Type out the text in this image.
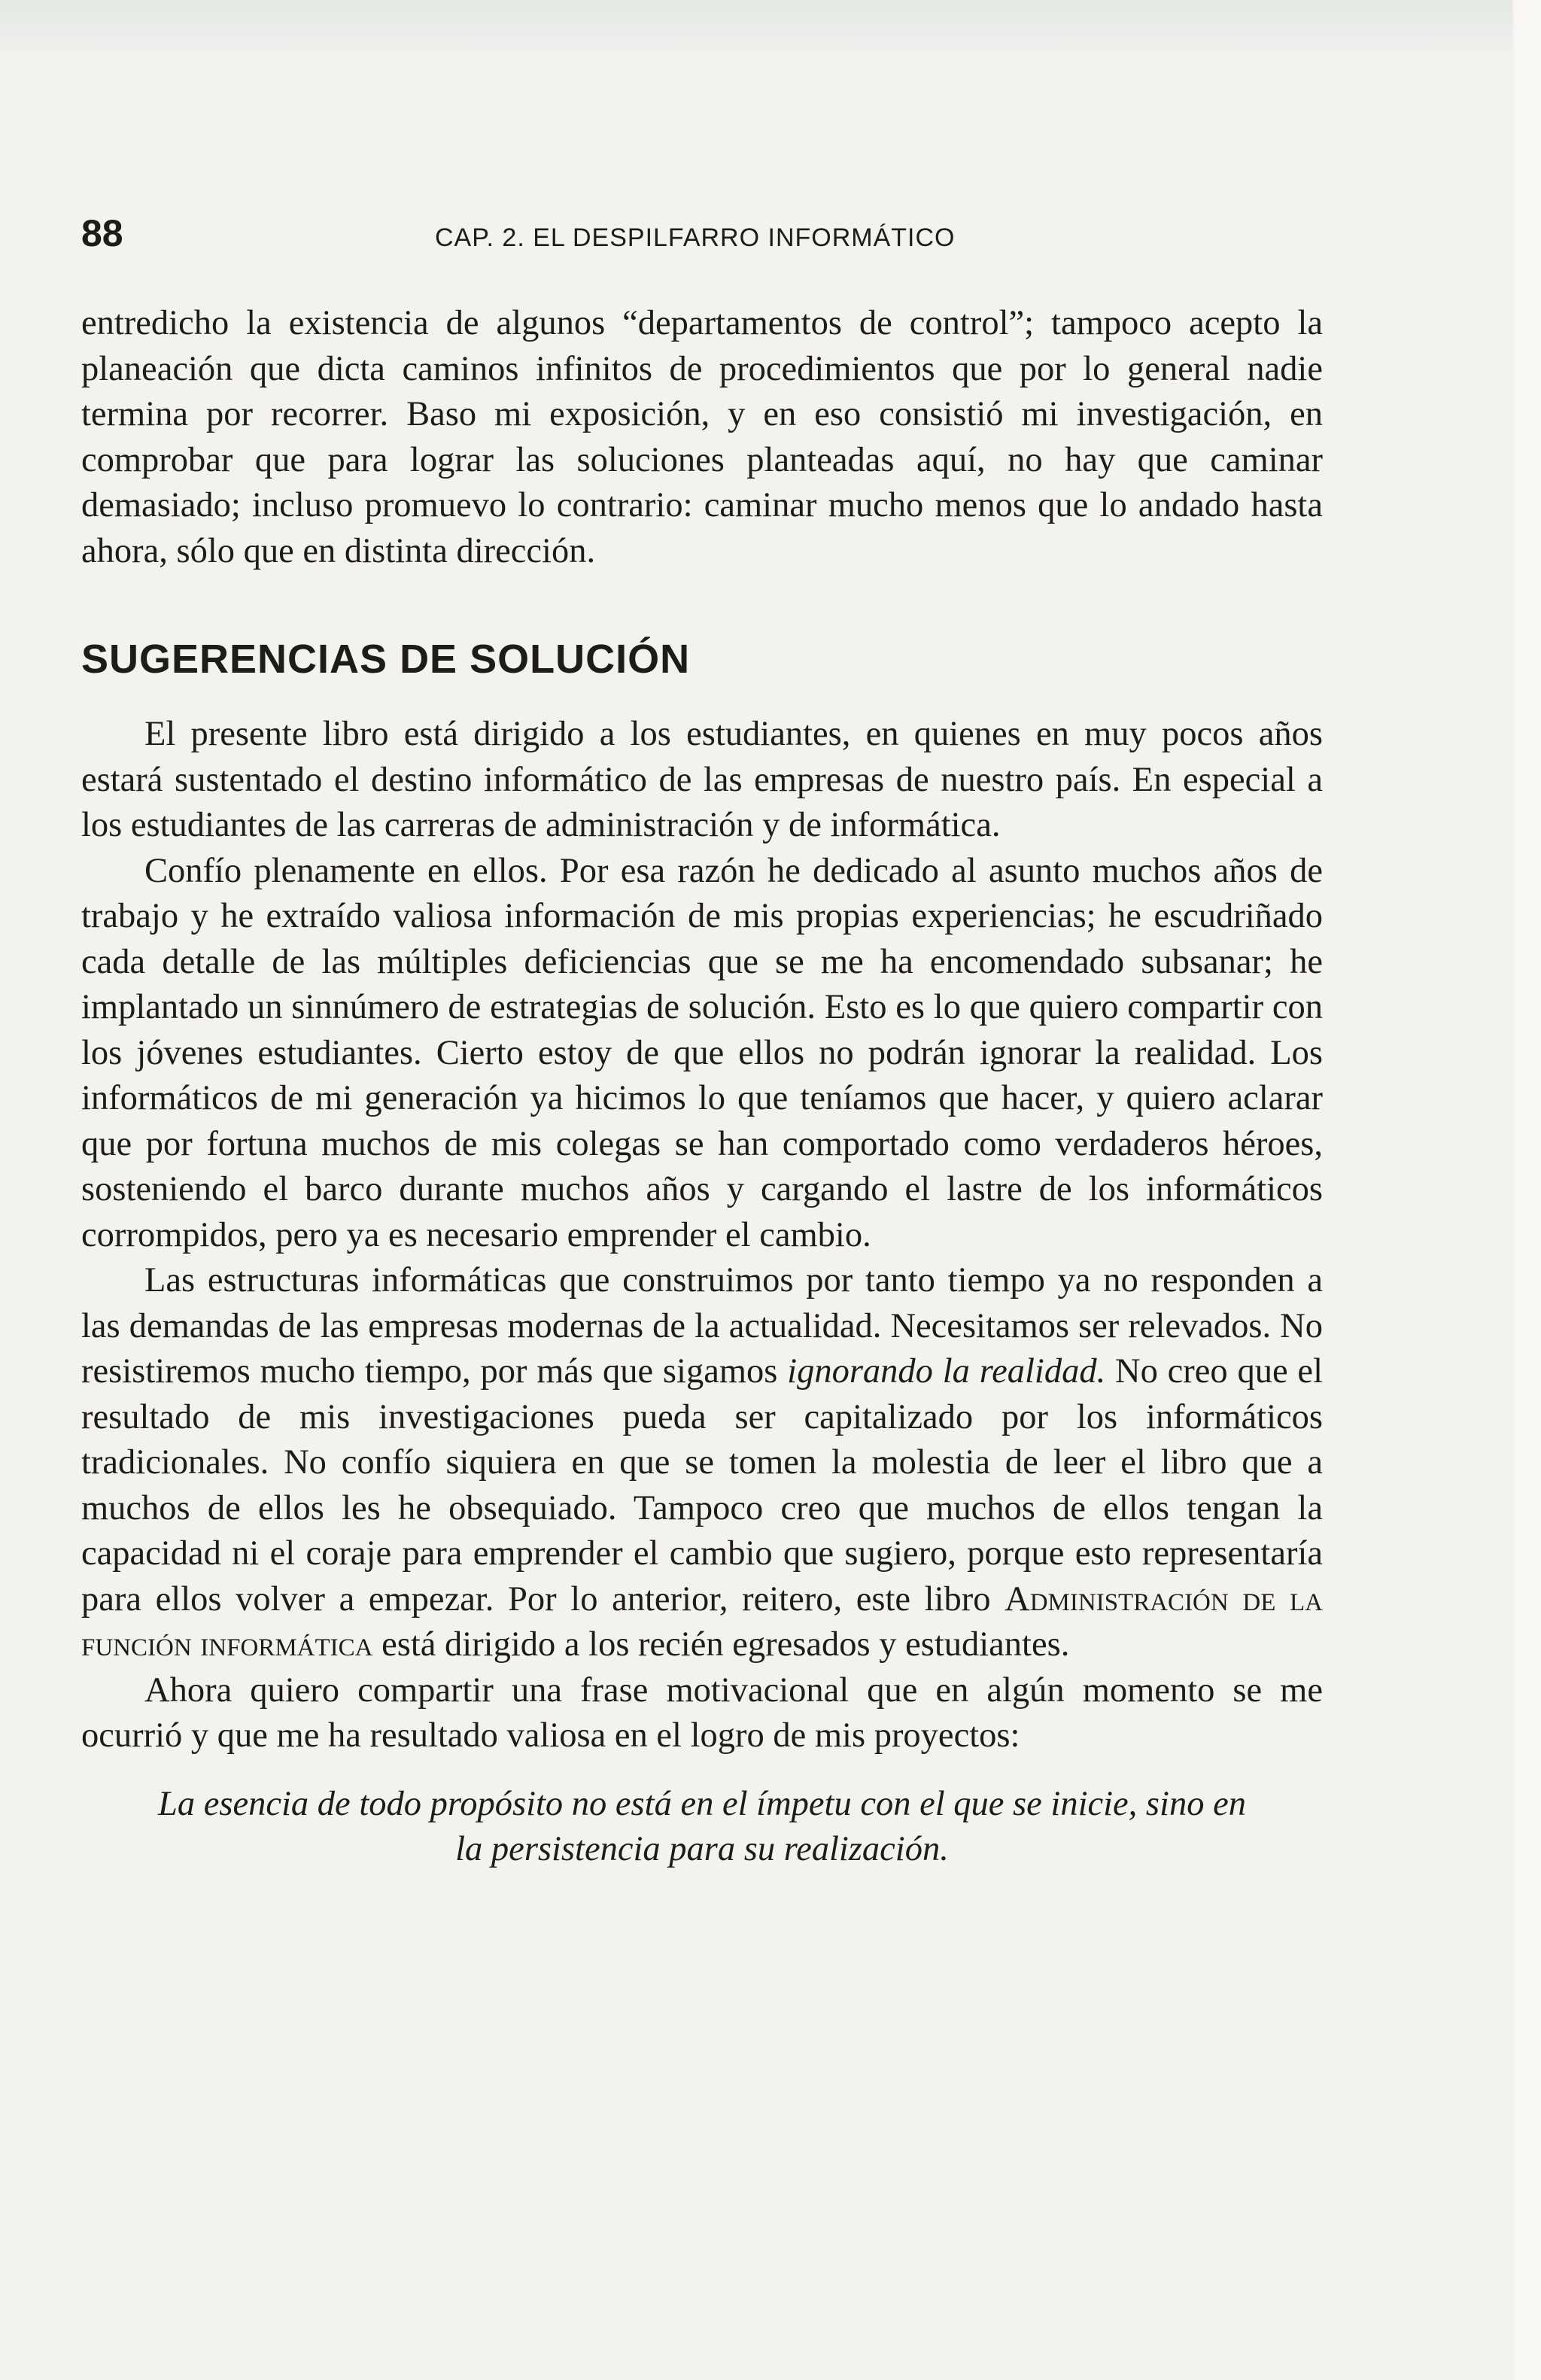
88	CAP. 2. EL DESPILFARRO INFORMÁTICO

entredicho la existencia de algunos “departamentos de control”; tampoco acepto la planeación que dicta caminos infinitos de procedimientos que por lo general nadie termina por recorrer. Baso mi exposición, y en eso consistió mi investigación, en comprobar que para lograr las soluciones planteadas aquí, no hay que caminar demasiado; incluso promuevo lo contrario: caminar mucho menos que lo andado hasta ahora, sólo que en distinta dirección.

SUGERENCIAS DE SOLUCIÓN

El presente libro está dirigido a los estudiantes, en quienes en muy pocos años estará sustentado el destino informático de las empresas de nuestro país. En especial a los estudiantes de las carreras de administración y de informática.

Confío plenamente en ellos. Por esa razón he dedicado al asunto muchos años de trabajo y he extraído valiosa información de mis propias experiencias; he escudriñado cada detalle de las múltiples deficiencias que se me ha encomendado subsanar; he implantado un sinnúmero de estrategias de solución. Esto es lo que quiero compartir con los jóvenes estudiantes. Cierto estoy de que ellos no podrán ignorar la realidad. Los informáticos de mi generación ya hicimos lo que teníamos que hacer, y quiero aclarar que por fortuna muchos de mis colegas se han comportado como verdaderos héroes, sosteniendo el barco durante muchos años y cargando el lastre de los informáticos corrompidos, pero ya es necesario emprender el cambio.

Las estructuras informáticas que construimos por tanto tiempo ya no responden a las demandas de las empresas modernas de la actualidad. Necesitamos ser relevados. No resistiremos mucho tiempo, por más que sigamos ignorando la realidad. No creo que el resultado de mis investigaciones pueda ser capitalizado por los informáticos tradicionales. No confío siquiera en que se tomen la molestia de leer el libro que a muchos de ellos les he obsequiado. Tampoco creo que muchos de ellos tengan la capacidad ni el coraje para emprender el cambio que sugiero, porque esto representaría para ellos volver a empezar. Por lo anterior, reitero, este libro Administración de la función informática está dirigido a los recién egresados y estudiantes.

Ahora quiero compartir una frase motivacional que en algún momento se me ocurrió y que me ha resultado valiosa en el logro de mis proyectos:

La esencia de todo propósito no está en el ímpetu con el que se inicie, sino en la persistencia para su realización.
